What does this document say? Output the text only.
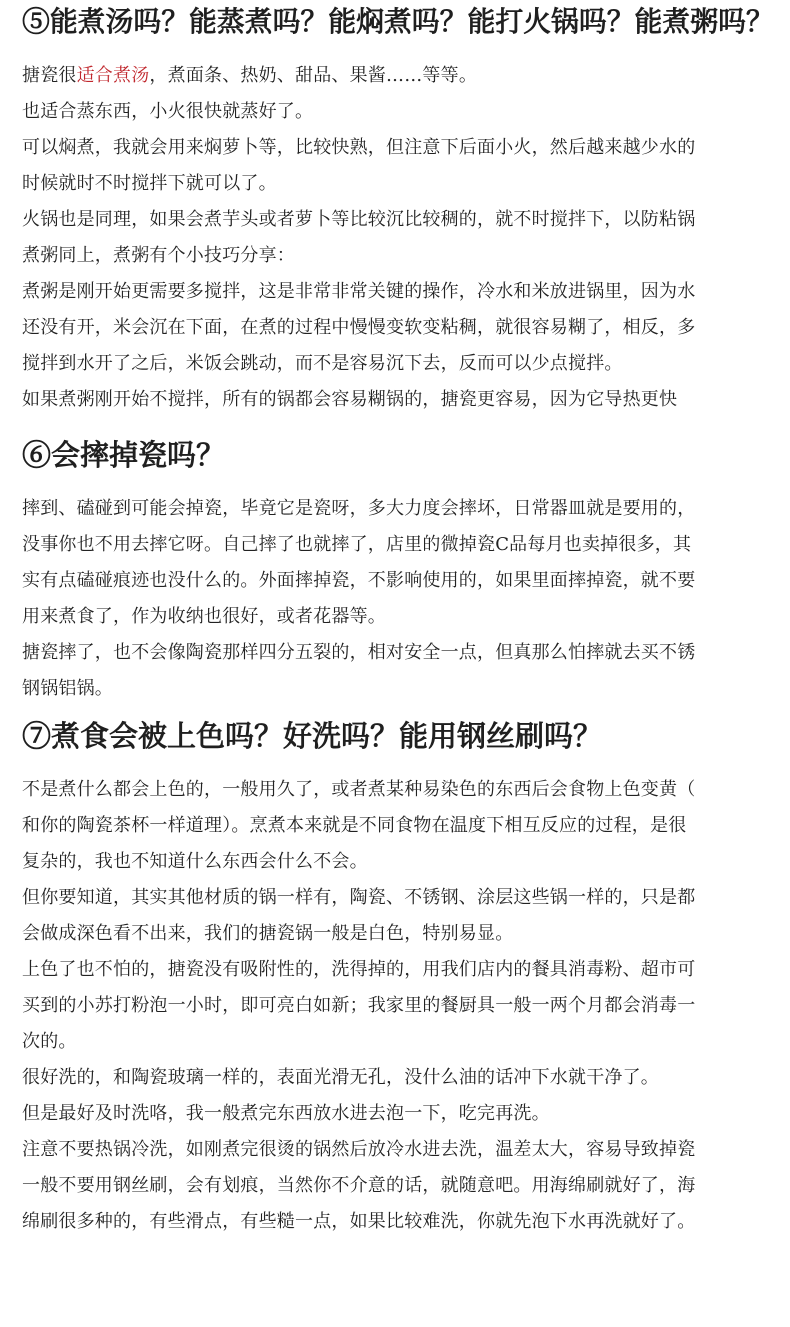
⑤能煮汤吗？能蒸煮吗？能焖煮吗？能打火锅吗？能煮粥吗？

搪瓷很适合煮汤，煮面条、热奶、甜品、果酱……等等。

也适合蒸东西，小火很快就蒸好了。

可以焖煮，我就会用来焖萝卜等，比较快熟，但注意下后面小火，然后越来越少水的

时候就时不时搅拌下就可以了。

火锅也是同理，如果会煮芋头或者萝卜等比较沉比较稠的，就不时搅拌下，以防粘锅

煮粥同上，煮粥有个小技巧分享：

煮粥是刚开始更需要多搅拌，这是非常非常关键的操作，冷水和米放进锅里，因为水

还没有开，米会沉在下面，在煮的过程中慢慢变软变粘稠，就很容易糊了，相反，多

搅拌到水开了之后，米饭会跳动，而不是容易沉下去，反而可以少点搅拌。

如果煮粥刚开始不搅拌，所有的锅都会容易糊锅的，搪瓷更容易，因为它导热更快

⑥会摔掉瓷吗？

摔到、磕碰到可能会掉瓷，毕竟它是瓷呀，多大力度会摔坏，日常器皿就是要用的，

没事你也不用去摔它呀。自己摔了也就摔了，店里的微掉瓷C品每月也卖掉很多，其

实有点磕碰痕迹也没什么的。外面摔掉瓷，不影响使用的，如果里面摔掉瓷，就不要

用来煮食了，作为收纳也很好，或者花器等。

搪瓷摔了，也不会像陶瓷那样四分五裂的，相对安全一点，但真那么怕摔就去买不锈

钢锅铝锅。

⑦煮食会被上色吗？好洗吗？能用钢丝刷吗？

不是煮什么都会上色的，一般用久了，或者煮某种易染色的东西后会食物上色变黄（

和你的陶瓷茶杯一样道理）。烹煮本来就是不同食物在温度下相互反应的过程，是很

复杂的，我也不知道什么东西会什么不会。

但你要知道，其实其他材质的锅一样有，陶瓷、不锈钢、涂层这些锅一样的，只是都

会做成深色看不出来，我们的搪瓷锅一般是白色，特别易显。

上色了也不怕的，搪瓷没有吸附性的，洗得掉的，用我们店内的餐具消毒粉、超市可

买到的小苏打粉泡一小时，即可亮白如新；我家里的餐厨具一般一两个月都会消毒一

次的。

很好洗的，和陶瓷玻璃一样的，表面光滑无孔，没什么油的话冲下水就干净了。

但是最好及时洗咯，我一般煮完东西放水进去泡一下，吃完再洗。

注意不要热锅冷洗，如刚煮完很烫的锅然后放冷水进去洗，温差太大，容易导致掉瓷

一般不要用钢丝刷，会有划痕，当然你不介意的话，就随意吧。用海绵刷就好了，海

绵刷很多种的，有些滑点，有些糙一点，如果比较难洗，你就先泡下水再洗就好了。
